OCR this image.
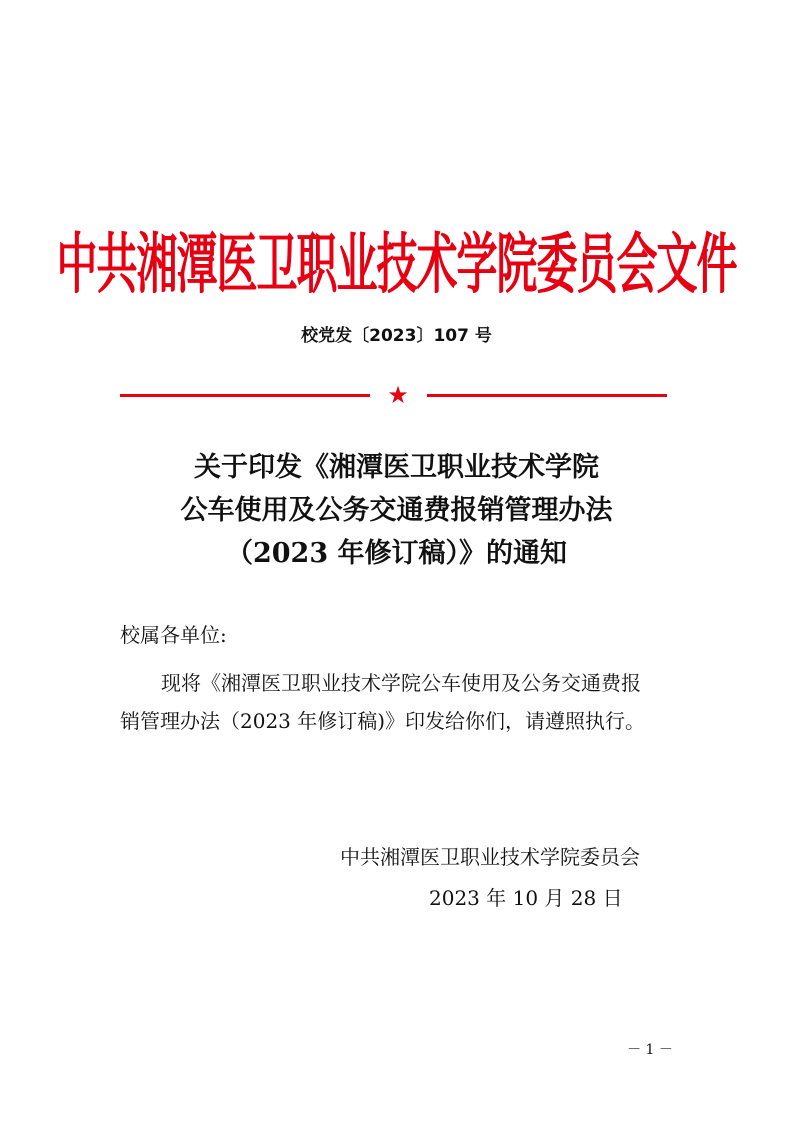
中共湘潭医卫职业技术学院委员会文件
校党发〔2023〕107 号
★
关于印发《湘潭医卫职业技术学院
公车使用及公务交通费报销管理办法
（2023 年修订稿）》的通知
校属各单位:
现将《湘潭医卫职业技术学院公车使用及公务交通费报
销管理办法（2023 年修订稿)》印发给你们，请遵照执行。
中共湘潭医卫职业技术学院委员会
2023 年 10 月 28 日
－ 1 －
